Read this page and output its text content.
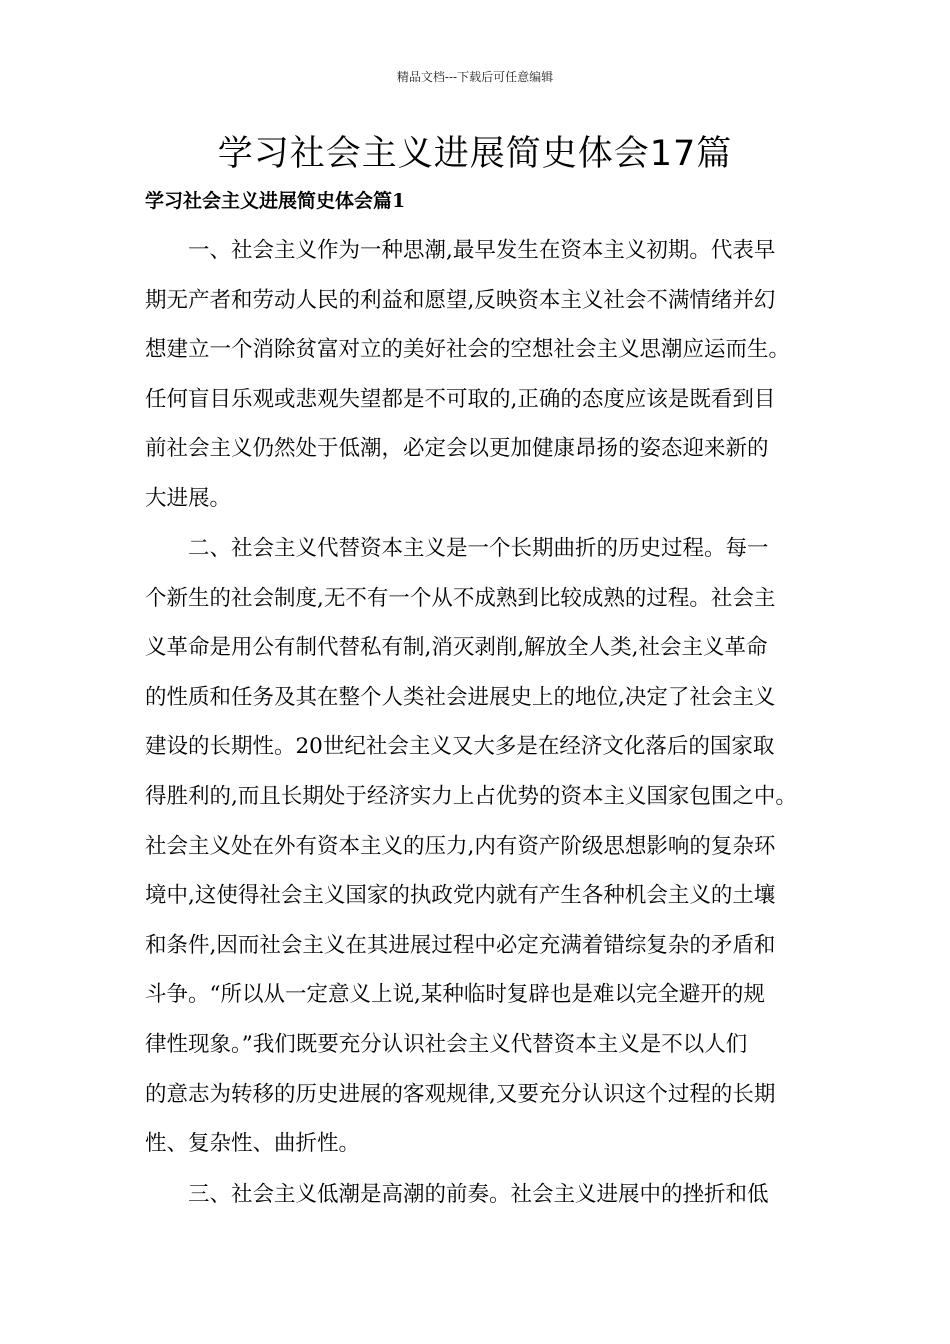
精品文档---下载后可任意编辑
学习社会主义进展简史体会17篇
学习社会主义进展简史体会篇1

　　一、社会主义作为一种思潮,最早发生在资本主义初期。代表早
期无产者和劳动人民的利益和愿望,反映资本主义社会不满情绪并幻
想建立一个消除贫富对立的美好社会的空想社会主义思潮应运而生。
任何盲目乐观或悲观失望都是不可取的,正确的态度应该是既看到目
前社会主义仍然处于低潮，必定会以更加健康昂扬的姿态迎来新的
大进展。

　　二、社会主义代替资本主义是一个长期曲折的历史过程。每一
个新生的社会制度,无不有一个从不成熟到比较成熟的过程。社会主
义革命是用公有制代替私有制,消灭剥削,解放全人类,社会主义革命
的性质和任务及其在整个人类社会进展史上的地位,决定了社会主义
建设的长期性。20世纪社会主义又大多是在经济文化落后的国家取
得胜利的,而且长期处于经济实力上占优势的资本主义国家包围之中。
社会主义处在外有资本主义的压力,内有资产阶级思想影响的复杂环
境中,这使得社会主义国家的执政党内就有产生各种机会主义的土壤
和条件,因而社会主义在其进展过程中必定充满着错综复杂的矛盾和
斗争。“所以从一定意义上说,某种临时复辟也是难以完全避开的规
律性现象。”我们既要充分认识社会主义代替资本主义是不以人们
的意志为转移的历史进展的客观规律,又要充分认识这个过程的长期
性、复杂性、曲折性。

　　三、社会主义低潮是高潮的前奏。社会主义进展中的挫折和低
